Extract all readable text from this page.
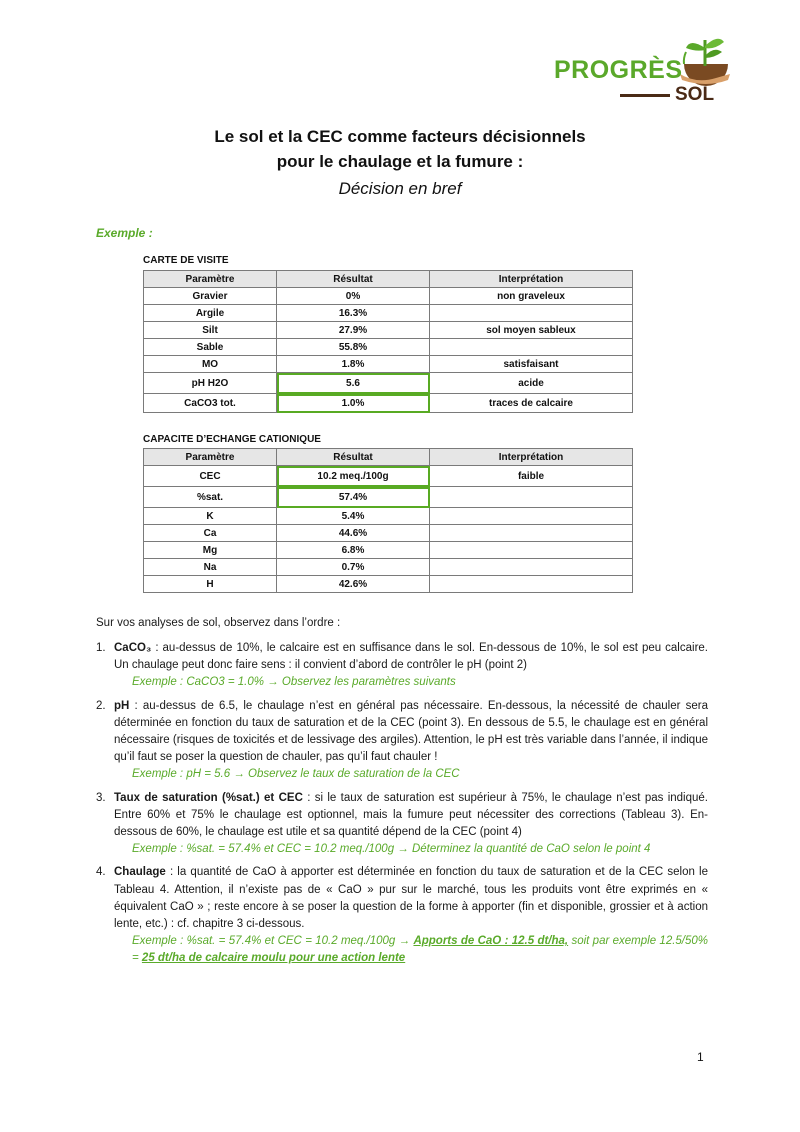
PROGRÈS
SOL
Le sol et la CEC comme facteurs décisionnels
pour le chaulage et la fumure :
Décision en bref
Exemple :
CARTE DE VISITE
Paramètre	Résultat	Interprétation
Gravier	0%	non graveleux
Argile	16.3%	
Silt	27.9%	sol moyen sableux
Sable	55.8%	
MO	1.8%	satisfaisant
pH H2O	5.6	acide
CaCO3 tot.	1.0%	traces de calcaire
CAPACITE D’ECHANGE CATIONIQUE
Paramètre	Résultat	Interprétation
CEC	10.2 meq./100g	faible
%sat.	57.4%	
K	5.4%	
Ca	44.6%	
Mg	6.8%	
Na	0.7%	
H	42.6%	
Sur vos analyses de sol, observez dans l’ordre :
1. CaCO₃ : au-dessus de 10%, le calcaire est en suffisance dans le sol. En-dessous de 10%, le sol est peu calcaire. Un chaulage peut donc faire sens : il convient d’abord de contrôler le pH (point 2)
Exemple : CaCO3 = 1.0% → Observez les paramètres suivants
2. pH : au-dessus de 6.5, le chaulage n’est en général pas nécessaire. En-dessous, la nécessité de chauler sera déterminée en fonction du taux de saturation et de la CEC (point 3). En dessous de 5.5, le chaulage est en général nécessaire (risques de toxicités et de lessivage des argiles). Attention, le pH est très variable dans l’année, il indique qu’il faut se poser la question de chauler, pas qu’il faut chauler !
Exemple : pH = 5.6 → Observez le taux de saturation de la CEC
3. Taux de saturation (%sat.) et CEC : si le taux de saturation est supérieur à 75%, le chaulage n’est pas indiqué. Entre 60% et 75% le chaulage est optionnel, mais la fumure peut nécessiter des corrections (Tableau 3). En-dessous de 60%, le chaulage est utile et sa quantité dépend de la CEC (point 4)
Exemple : %sat. = 57.4% et CEC = 10.2 meq./100g → Déterminez la quantité de CaO selon le point 4
4. Chaulage : la quantité de CaO à apporter est déterminée en fonction du taux de saturation et de la CEC selon le Tableau 4. Attention, il n’existe pas de « CaO » pur sur le marché, tous les produits vont être exprimés en « équivalent CaO » ; reste encore à se poser la question de la forme à apporter (fin et disponible, grossier et à action lente, etc.) : cf. chapitre 3 ci-dessous.
Exemple : %sat. = 57.4% et CEC = 10.2 meq./100g → Apports de CaO : 12.5 dt/ha, soit par exemple 12.5/50% = 25 dt/ha de calcaire moulu pour une action lente
1
